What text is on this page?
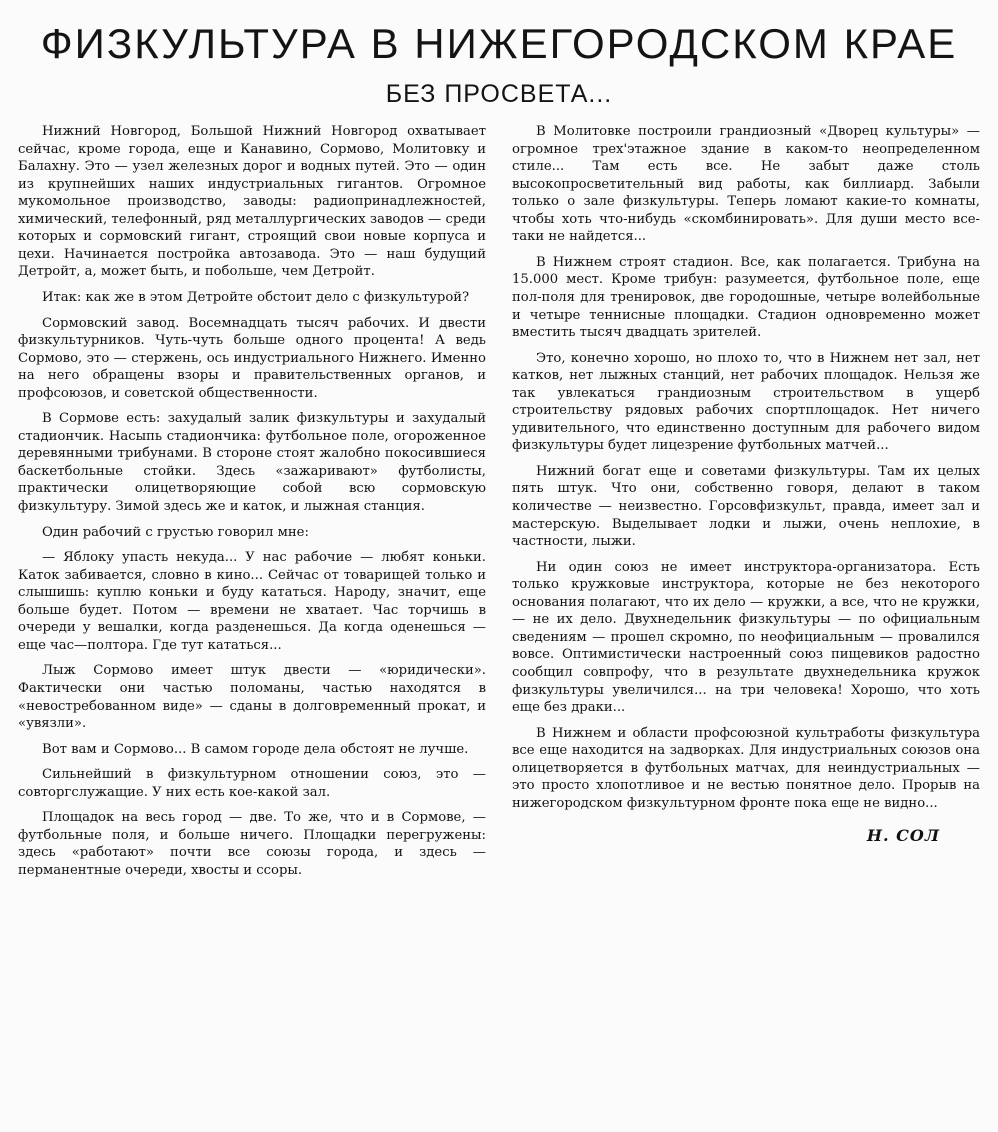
ФИЗКУЛЬТУРА В НИЖЕГОРОДСКОМ КРАЕ
БЕЗ ПРОСВЕТА...

Нижний Новгород, Большой Нижний Новгород охватывает сейчас, кроме города, еще и Канавино, Сормово, Молитовку и Балахну. Это — узел железных дорог и водных путей. Это — один из крупнейших наших индустриальных гигантов. Огромное мукомольное производство, заводы: радиопринадлежностей, химический, телефонный, ряд металлургических заводов — среди которых и сормовский гигант, строящий свои новые корпуса и цехи. Начинается постройка автозавода. Это — наш будущий Детройт, а, может быть, и побольше, чем Детройт.

Итак: как же в этом Детройте обстоит дело с физкультурой?

Сормовский завод. Восемнадцать тысяч рабочих. И двести физкультурников. Чуть-чуть больше одного процента! А ведь Сормово, это — стержень, ось индустриального Нижнего. Именно на него обращены взоры и правительственных органов, и профсоюзов, и советской общественности.

В Сормове есть: захудалый залик физкультуры и захудалый стадиончик. Насыпь стадиончика: футбольное поле, огороженное деревянными трибунами. В стороне стоят жалобно покосившиеся баскетбольные стойки. Здесь «зажаривают» футболисты, практически олицетворяющие собой всю сормовскую физкультуру. Зимой здесь же и каток, и лыжная станция.

Один рабочий с грустью говорил мне:

— Яблоку упасть некуда... У нас рабочие — любят коньки. Каток забивается, словно в кино... Сейчас от товарищей только и слышишь: куплю коньки и буду кататься. Народу, значит, еще больше будет. Потом — времени не хватает. Час торчишь в очереди у вешалки, когда разденешься. Да когда оденешься — еще час—полтора. Где тут кататься...

Лыж Сормово имеет штук двести — «юридически». Фактически они частью поломаны, частью находятся в «невостребованном виде» — сданы в долговременный прокат, и «увязли».

Вот вам и Сормово... В самом городе дела обстоят не лучше.

Сильнейший в физкультурном отношении союз, это — совторгслужащие. У них есть кое-какой зал.

Площадок на весь город — две. То же, что и в Сормове, — футбольные поля, и больше ничего. Площадки перегружены: здесь «работают» почти все союзы города, и здесь — перманентные очереди, хвосты и ссоры.

В Молитовке построили грандиозный «Дворец культуры» — огромное трех'этажное здание в каком-то неопределенном стиле... Там есть все. Не забыт даже столь высокопросветительный вид работы, как биллиард. Забыли только о зале физкультуры. Теперь ломают какие-то комнаты, чтобы хоть что-нибудь «скомбинировать». Для души место все-таки не найдется...

В Нижнем строят стадион. Все, как полагается. Трибуна на 15.000 мест. Кроме трибун: разумеется, футбольное поле, еще пол-поля для тренировок, две городошные, четыре волейбольные и четыре теннисные площадки. Стадион одновременно может вместить тысяч двадцать зрителей.

Это, конечно хорошо, но плохо то, что в Нижнем нет зал, нет катков, нет лыжных станций, нет рабочих площадок. Нельзя же так увлекаться грандиозным строительством в ущерб строительству рядовых рабочих спортплощадок. Нет ничего удивительного, что единственно доступным для рабочего видом физкультуры будет лицезрение футбольных матчей...

Нижний богат еще и советами физкультуры. Там их целых пять штук. Что они, собственно говоря, делают в таком количестве — неизвестно. Горсовфизкульт, правда, имеет зал и мастерскую. Выделывает лодки и лыжи, очень неплохие, в частности, лыжи.

Ни один союз не имеет инструктора-организатора. Есть только кружковые инструктора, которые не без некоторого основания полагают, что их дело — кружки, а все, что не кружки, — не их дело. Двухнедельник физкультуры — по официальным сведениям — прошел скромно, по неофициальным — провалился вовсе. Оптимистически настроенный союз пищевиков радостно сообщил совпрофу, что в результате двухнедельника кружок физкультуры увеличился... на три человека! Хорошо, что хоть еще без драки...

В Нижнем и области профсоюзной культработы физкультура все еще находится на задворках. Для индустриальных союзов она олицетворяется в футбольных матчах, для неиндустриальных — это просто хлопотливое и не вестью понятное дело. Прорыв на нижегородском физкультурном фронте пока еще не видно...

Н. СОЛ
